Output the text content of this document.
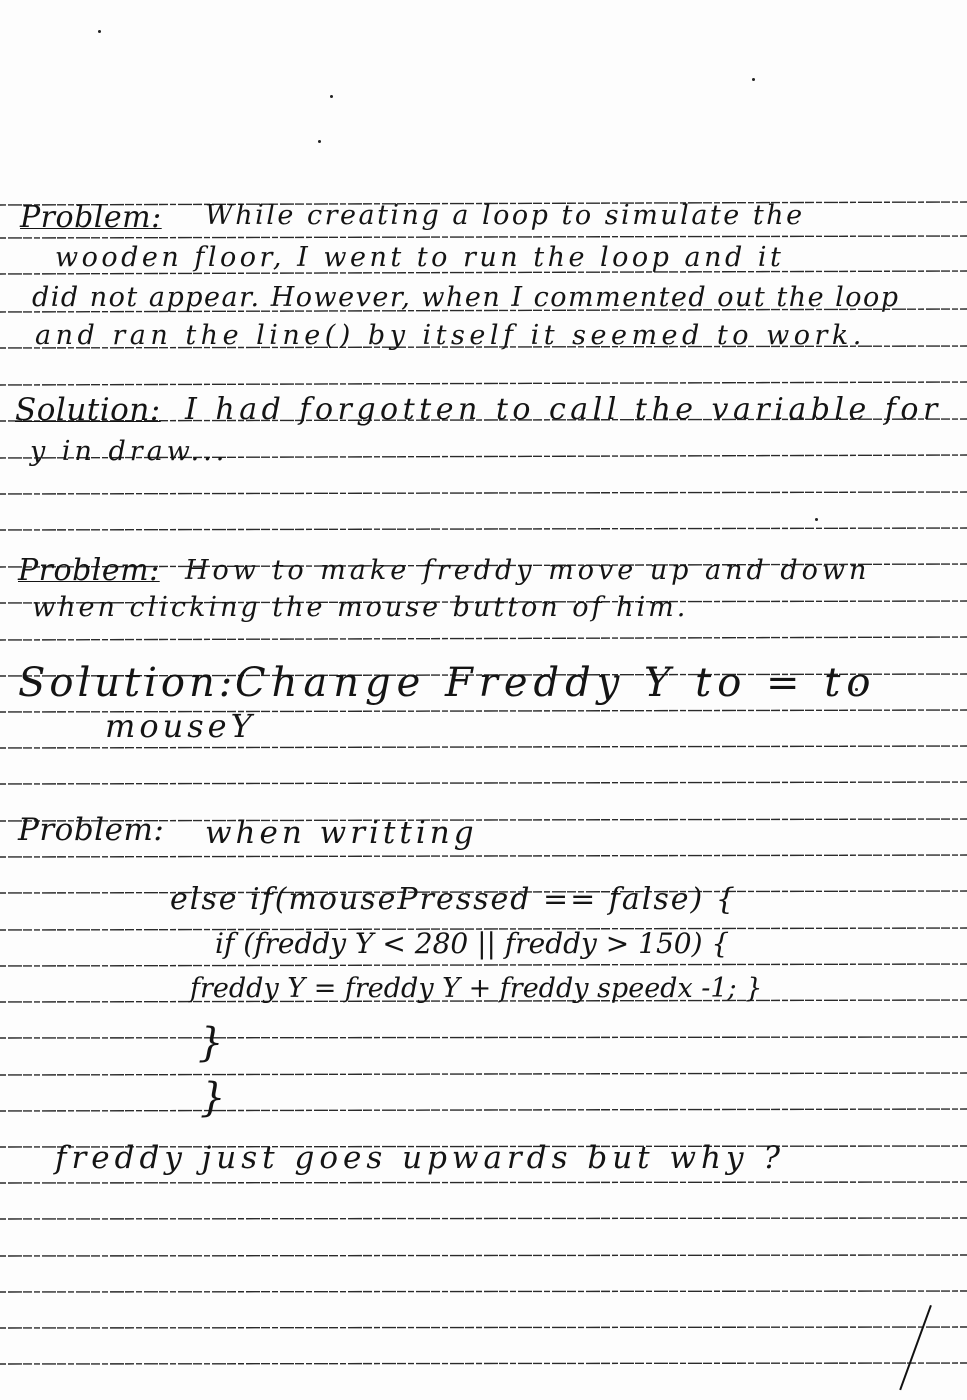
Problem: While creating a loop to simulate the
wooden floor, I went to run the loop and it
did not appear. However, when I commented out the loop
and ran the line() by itself it seemed to work.
Solution: I had forgotten to call the variable for
y in draw...
Problem: How to make freddy move up and down
when clicking the mouse button of him.
Solution:
Change Freddy Y to = to
mouseY
Problem: when writting
else if(mousePressed == false) {
if (freddy Y < 280 || freddy > 150) {
freddy Y = freddy Y + freddy speedx -1; }
}
}
freddy just goes upwards but why ?
